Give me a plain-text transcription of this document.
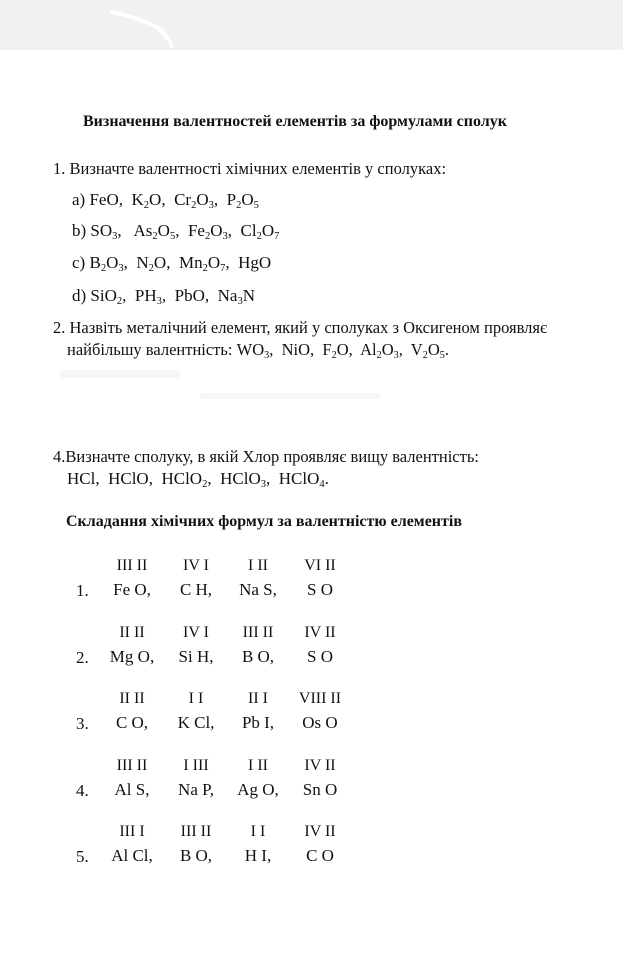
Визначення валентностей елементів за формулами сполук
1. Визначте валентності хімічних елементів у сполуках:
a) FeO,  $K_2O$,  $Cr_2O_3$,  $P_2O_5$
b) $SO_3$,   $As_2O_5$,  $Fe_2O_3$,  $Cl_2O_7$
c) $B_2O_3$,  $N_2O$,  $Mn_2O_7$,  HgO
d) SiO$_2$,  $PH_3$,  PbO,  $Na_3N$
2. Назвіть металічний елемент, який у сполуках з Оксигеном проявляє
найбільшу валентність: $WO_3$,  NiO,  $F_2O$,  $Al_2O_3$,  $V_2O_5$.
4.Визначте сполуку, в якій Хлор проявляє вищу валентність:
HCl, HClO,  HClO$_2$,  HClO$_3$,  HClO$_4$.
Складання хімічних формул за валентністю елементів
1.
III II
Fe O,
IV I
C H,
I II
Na S,
VI II
S O
2.
II II
Mg O,
IV I
Si H,
III II
B O,
IV II
S O
3.
II II
C O,
I I
K Cl,
II I
Pb I,
VIII II
Os O
4.
III II
Al S,
I III
Na P,
I II
Ag O,
IV II
Sn O
5.
III I
Al Cl,
III II
B O,
I I
H I,
IV II
C O
